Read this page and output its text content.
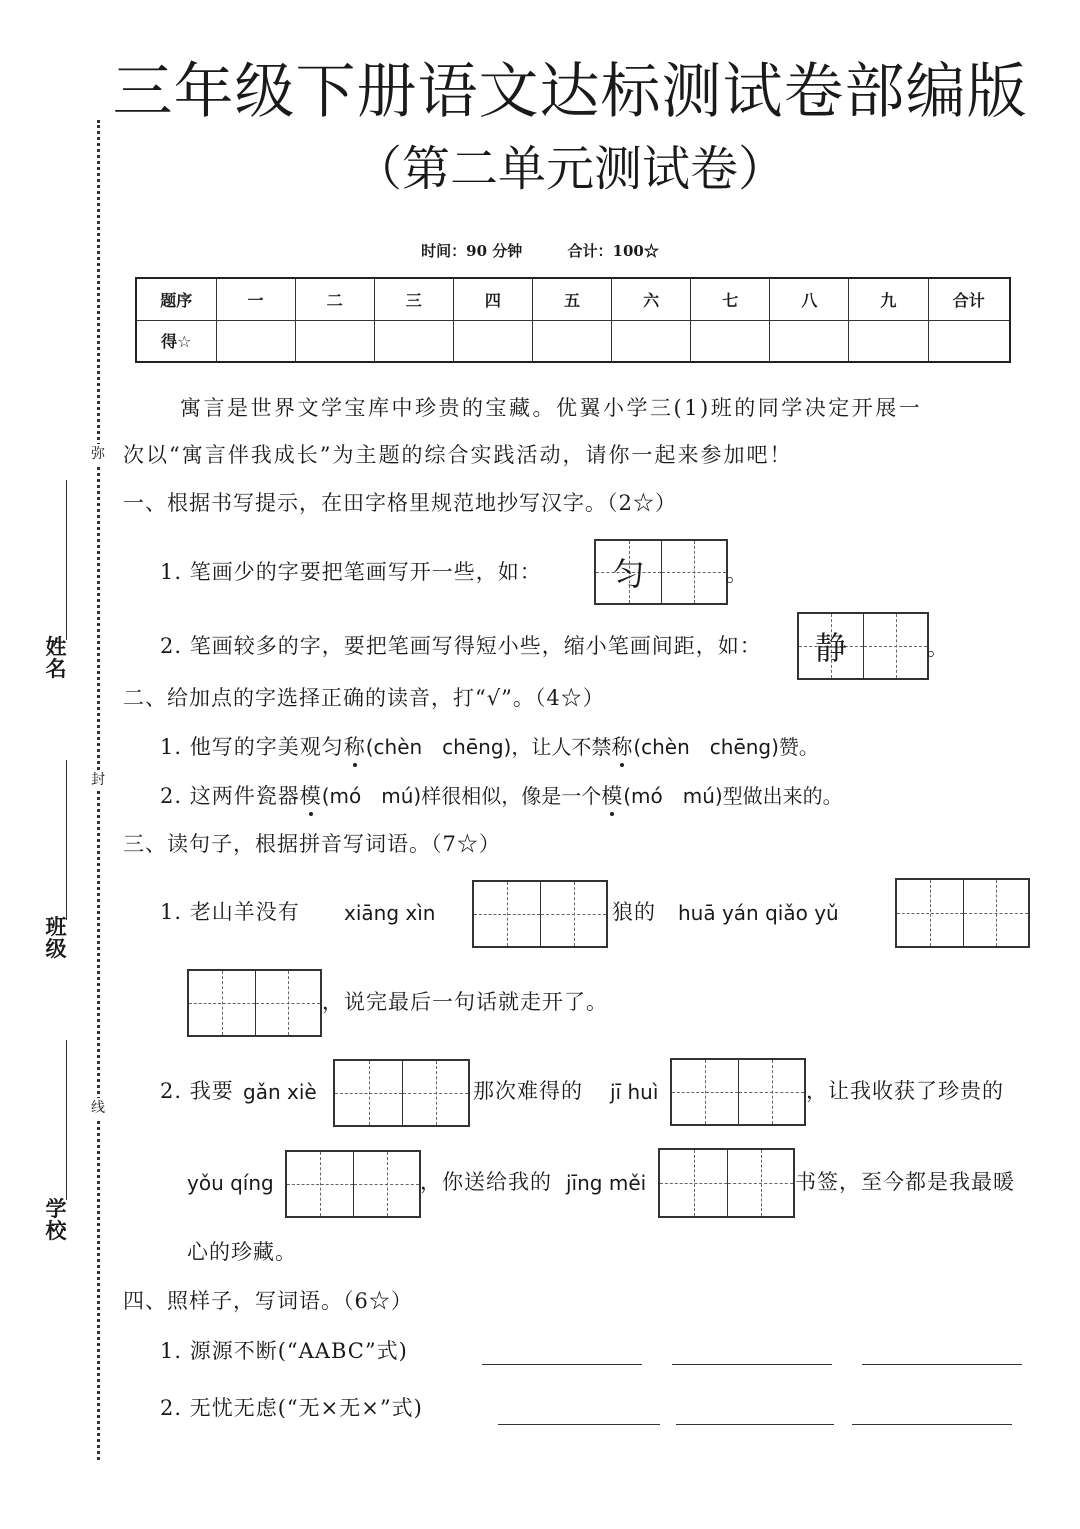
弥
封
线
姓名
班级
学校
三年级下册语文达标测试卷部编版
（第二单元测试卷）
时间：90 分钟	合计：100☆
题序	一	二	三	四	五	六	七	八	九	合计
得☆										
寓言是世界文学宝库中珍贵的宝藏。优翼小学三(1)班的同学决定开展一
次以“寓言伴我成长”为主题的综合实践活动，请你一起来参加吧！
一、根据书写提示，在田字格里规范地抄写汉字。（2☆）
1. 笔画少的字要把笔画写开一些，如：	匀	。
2. 笔画较多的字，要把笔画写得短小些，缩小笔画间距，如：	静	。
二、给加点的字选择正确的读音，打“√”。（4☆）
1. 他写的字美观匀称(chèn　chēng)，让人不禁称(chèn　chēng)赞。
2. 这两件瓷器模(mó　mú)样很相似，像是一个模(mó　mú)型做出来的。
三、读句子，根据拼音写词语。（7☆）
1. 老山羊没有 xiāng xìn	狼的 huā yán qiǎo yǔ
，说完最后一句话就走开了。
2. 我要 gǎn xiè	那次难得的 jī huì	，让我收获了珍贵的
yǒu qíng	，你送给我的 jīng měi	书签，至今都是我最暖
心的珍藏。
四、照样子，写词语。（6☆）
1. 源源不断(“AABC”式)
2. 无忧无虑(“无×无×”式)
